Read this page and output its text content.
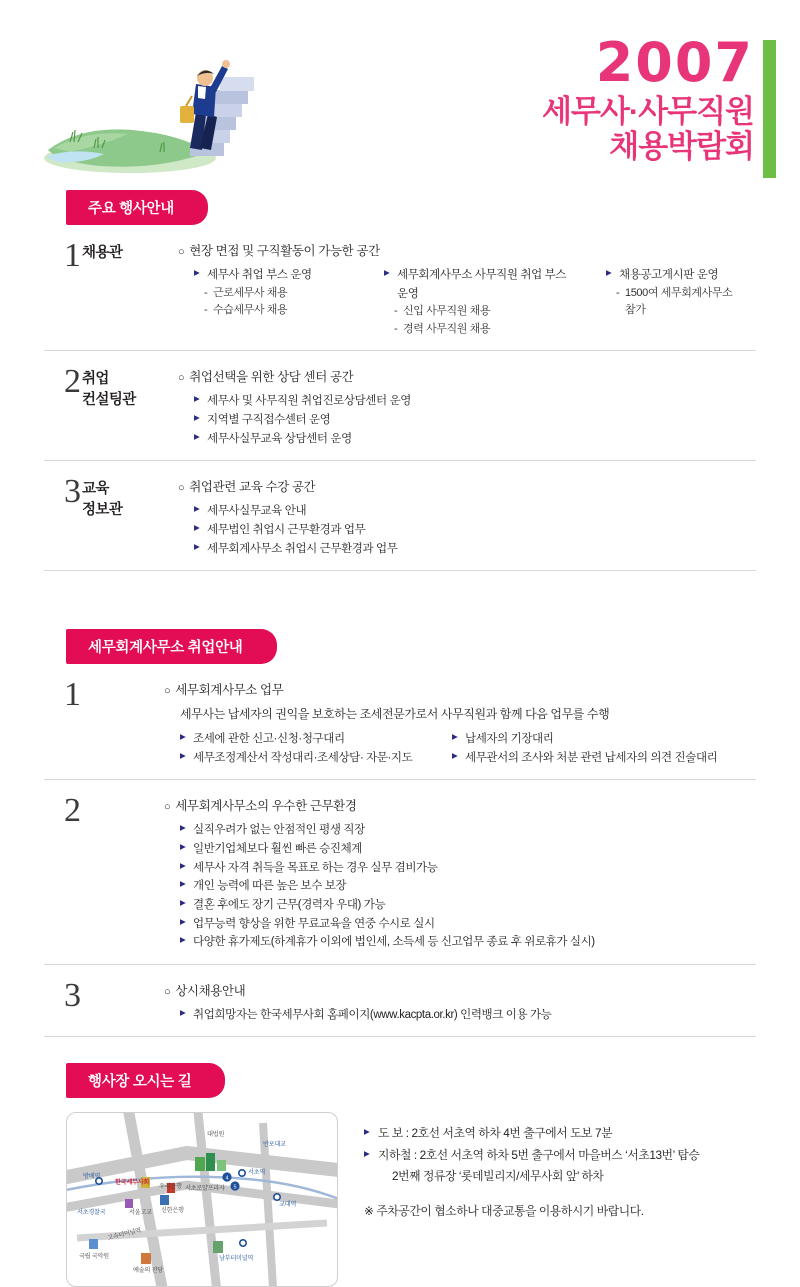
2007
세무사·사무직원
채용박람회
주요 행사안내
1 채용관	○ 현장 면접 및 구직활동이 가능한 공간
▶ 세무사 취업 부스 운영
- 근로세무사 채용
- 수습세무사 채용
▶ 세무회계사무소 사무직원 취업 부스 운영
- 신입 사무직원 채용
- 경력 사무직원 채용
▶ 채용공고게시판 운영
- 1500여 세무회계사무소 참가
2 취업
컨설팅관
○ 취업선택을 위한 상담 센터 공간
▶ 세무사 및 사무직원 취업진로상담센터 운영
▶ 지역별 구직접수센터 운영
▶ 세무사실무교육 상담센터 운영
3 교육
정보관
○ 취업관련 교육 수강 공간
▶ 세무사실무교육 안내
▶ 세무법인 취업시 근무환경과 업무
▶ 세무회계사무소 취업시 근무환경과 업무
세무회계사무소 취업안내
1	○ 세무회계사무소 업무
세무사는 납세자의 권익을 보호하는 조세전문가로서 사무직원과 함께 다음 업무를 수행
▶ 조세에 관한 신고·신청·청구대리
▶ 세무조정계산서 작성대리·조세상담· 자문·지도
▶ 납세자의 기장대리
▶ 세무관서의 조사와 처분 관련 납세자의 의견 진술대리
2	○ 세무회계사무소의 우수한 근무환경
▶ 실직우려가 없는 안점적인 평생 직장
▶ 일반기업체보다 훨씬 빠른 승진체계
▶ 세무사 자격 취득을 목표로 하는 경우 실무 겸비가능
▶ 개인 능력에 따른 높은 보수 보장
▶ 결혼 후에도 장기 근무(경력자 우대) 가능
▶ 업무능력 향상을 위한 무료교육을 연중 수시로 실시
▶ 다양한 휴가제도(하계휴가 이외에 법인세, 소득세 등 신고업무 종료 후 위로휴가 실시)
3	○ 상시채용안내
▶ 취업희망자는 한국세무사회 홈페이지(www.kacpta.or.kr) 인력뱅크 이용 가능
행사장 오시는 길
4
5
대법원
반포대교
교대역
서초역
한국세무사회
우리은행 서초로얄프라자
신한은행
방배역
서초경찰국	서울고교
고속터미널역
국립 국악원
예술의 전당
남부터미널역
▶ 도 보 : 2호선 서초역 하차 4번 출구에서 도보 7분
▶ 지하철 : 2호선 서초역 하차 5번 출구에서 마을버스 ‘서초13번’ 탑승
2번째 정류장 ‘롯데빌리지/세무사회 앞’ 하차
※ 주차공간이 협소하나 대중교통을 이용하시기 바랍니다.
